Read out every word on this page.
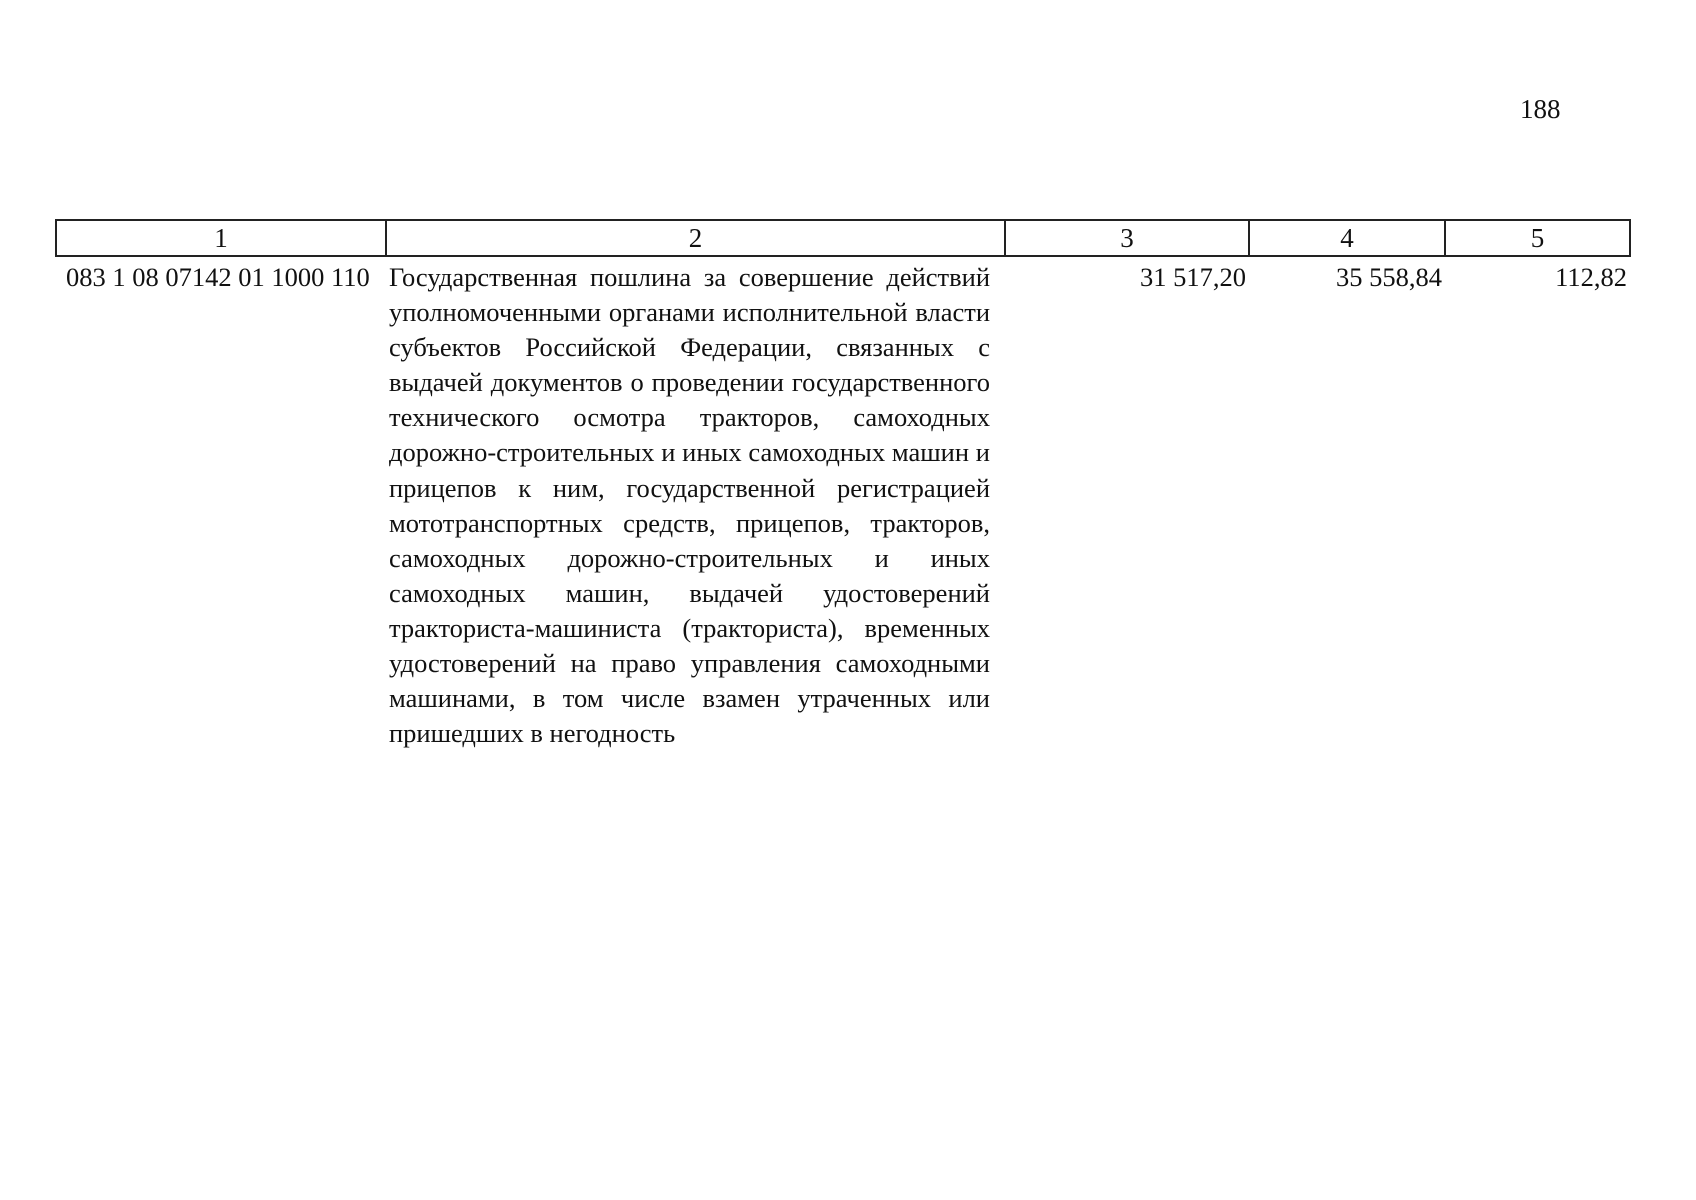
188
1	2	3	4	5
083 1 08 07142 01 1000 110	Государственная пошлина за совершение действий уполномоченными органами исполнительной власти субъектов Российской Федерации, связанных с выдачей документов о проведении государственного технического осмотра тракторов, самоходных дорожно-строительных и иных самоходных машин и прицепов к ним, государственной регистрацией мототранспортных средств, прицепов, тракторов, самоходных дорожно-строительных и иных самоходных машин, выдачей удостоверений тракториста-машиниста (тракториста), временных удостоверений на право управления самоходными машинами, в том числе взамен утраченных или пришедших в негодность	31 517,20	35 558,84	112,82
